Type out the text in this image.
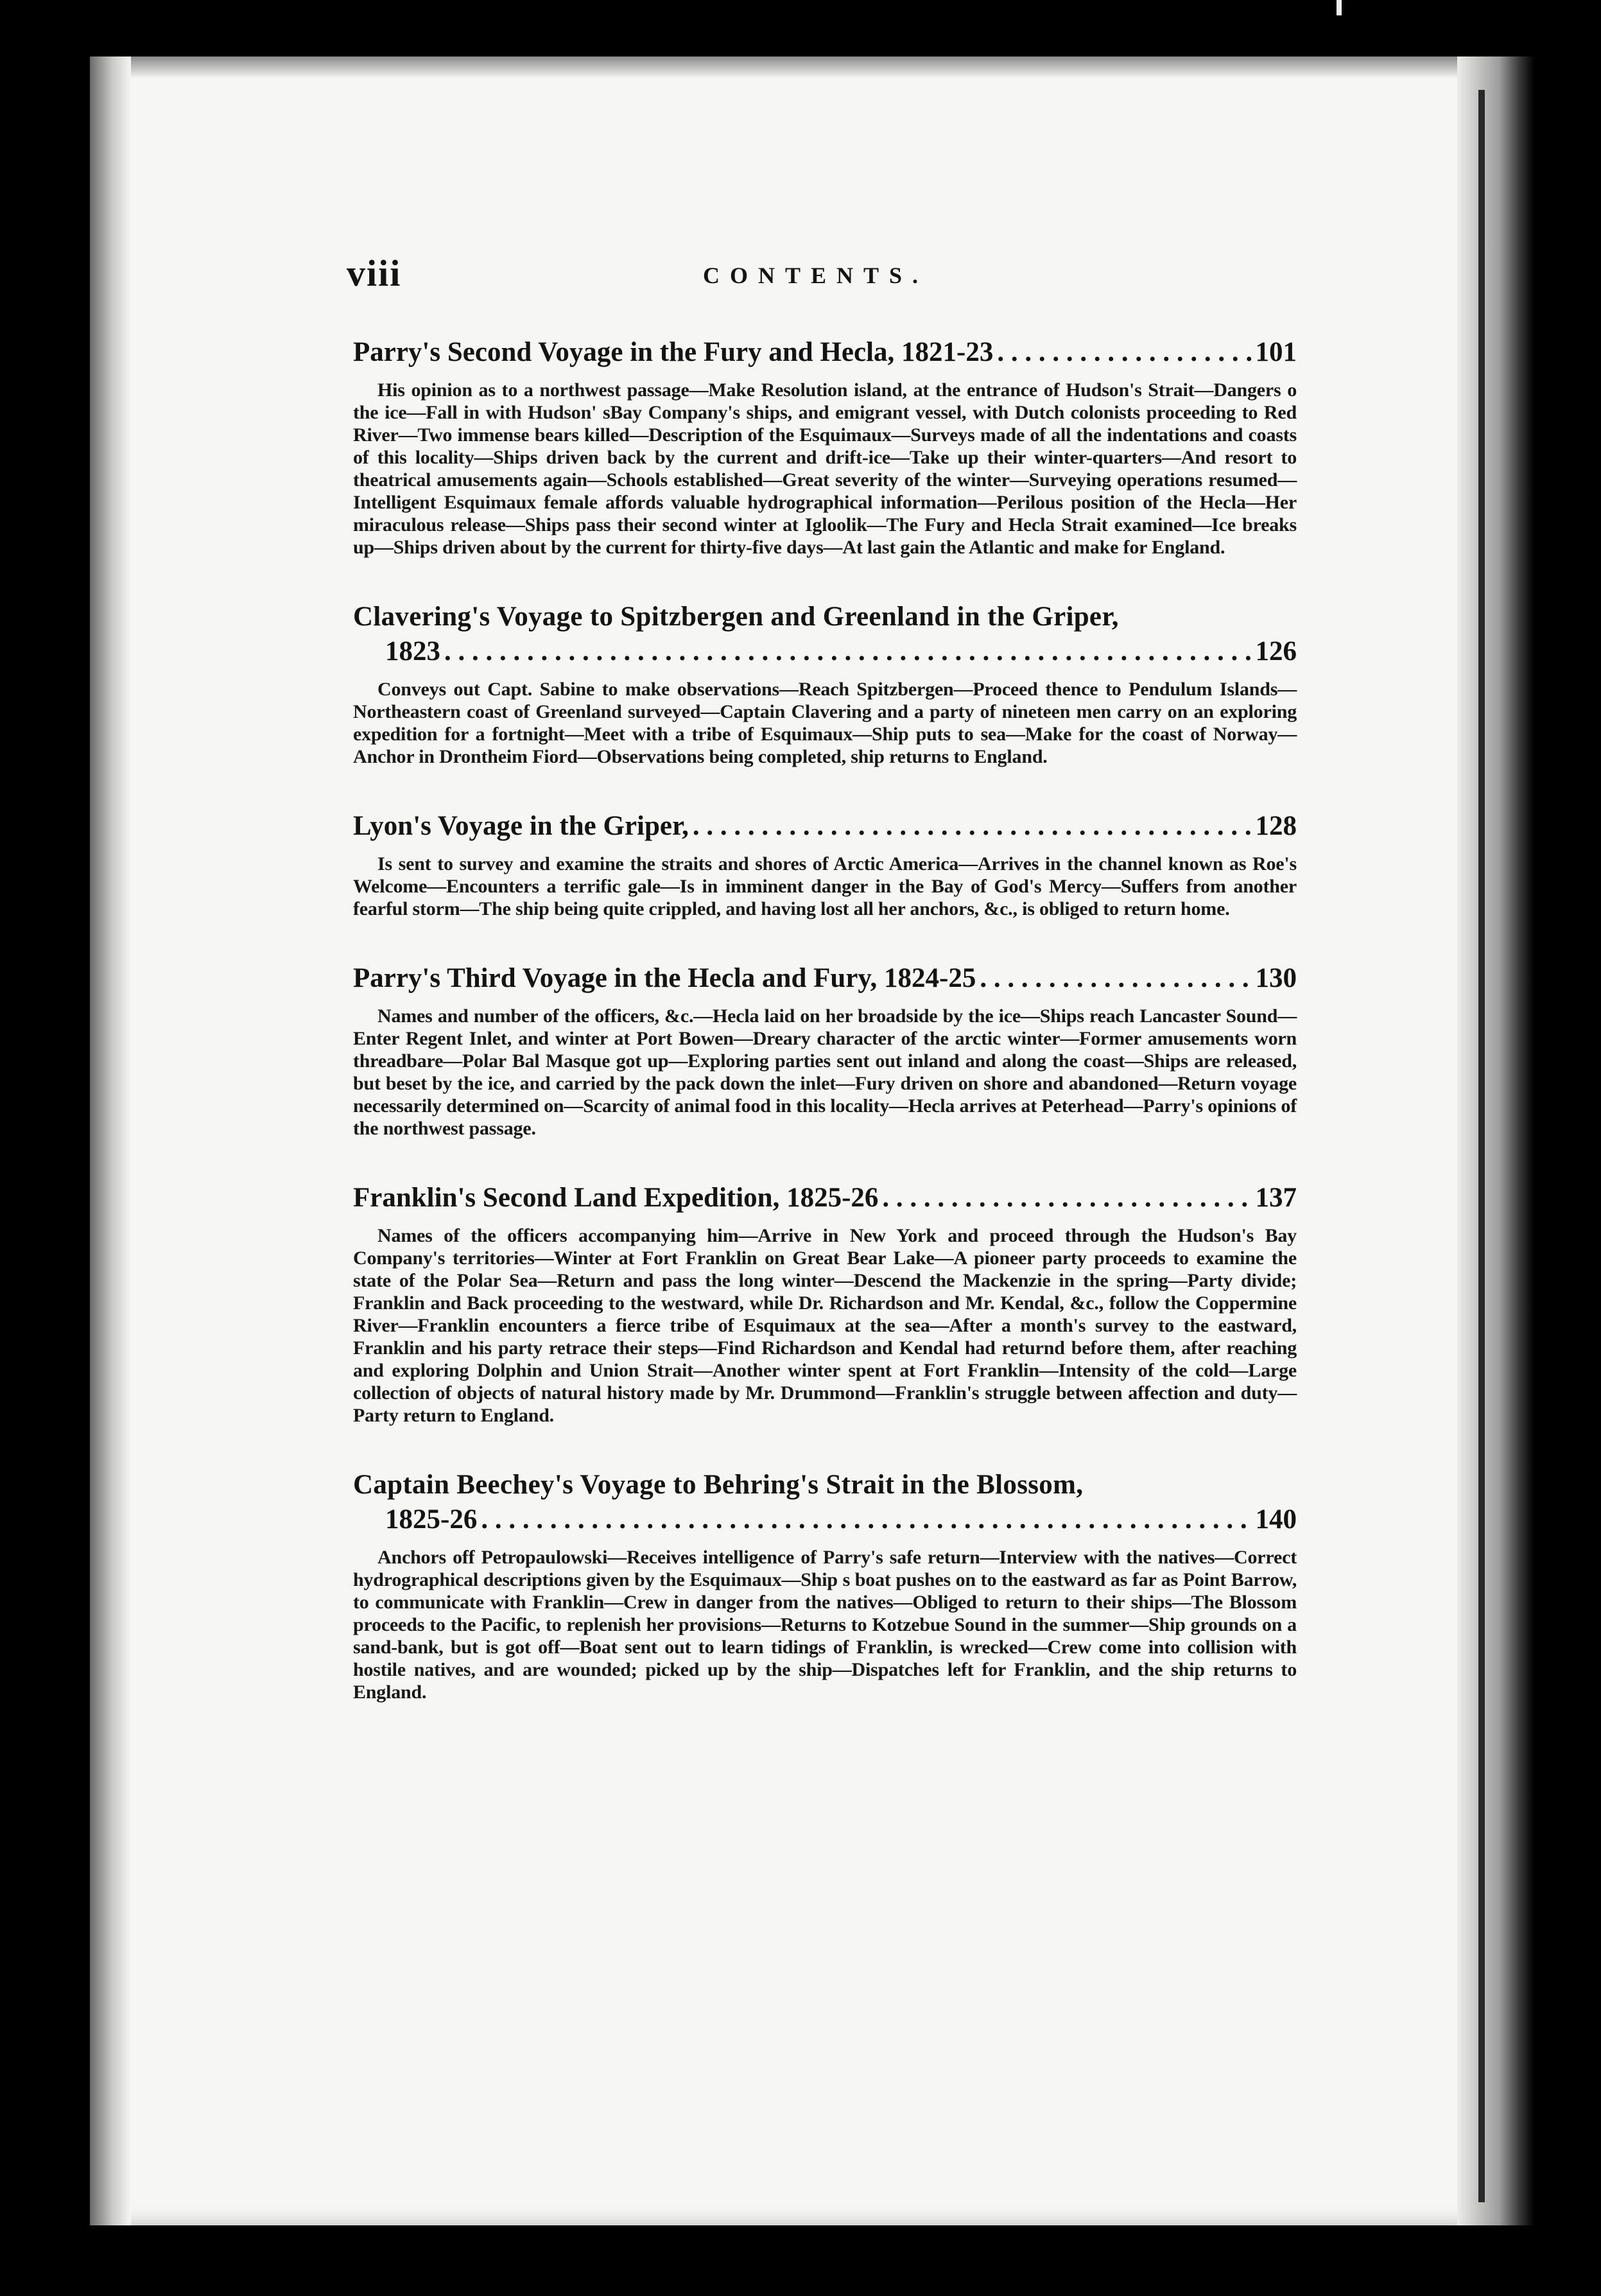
viii	CONTENTS.
Parry's Second Voyage in the Fury and Hecla, 1821-23 . . .	101
His opinion as to a northwest passage—Make Resolution island, at the entrance of Hudson's Strait—Dangers o the ice—Fall in with Hudson' sBay Company's ships, and emigrant vessel, with Dutch colonists proceeding to Red River—Two immense bears killed—Description of the Esquimaux—Surveys made of all the indentations and coasts of this locality—Ships driven back by the current and drift-ice—Take up their winter-quarters—And resort to theatrical amusements again—Schools established—Great severity of the winter—Surveying operations resumed—Intelligent Esquimaux female affords valuable hydrographical information—Perilous position of the Hecla—Her miraculous release—Ships pass their second winter at Igloolik—The Fury and Hecla Strait examined—Ice breaks up—Ships driven about by the current for thirty-five days—At last gain the Atlantic and make for England.
Clavering's Voyage to Spitzbergen and Greenland in the Griper,
1823 . . .	126
Conveys out Capt. Sabine to make observations—Reach Spitzbergen—Proceed thence to Pendulum Islands—Northeastern coast of Greenland surveyed—Captain Clavering and a party of nineteen men carry on an exploring expedition for a fortnight—Meet with a tribe of Esquimaux—Ship puts to sea—Make for the coast of Norway—Anchor in Drontheim Fiord—Observations being completed, ship returns to England.
Lyon's Voyage in the Griper, . . .	128
Is sent to survey and examine the straits and shores of Arctic America—Arrives in the channel known as Roe's Welcome—Encounters a terrific gale—Is in imminent danger in the Bay of God's Mercy—Suffers from another fearful storm—The ship being quite crippled, and having lost all her anchors, &c., is obliged to return home.
Parry's Third Voyage in the Hecla and Fury, 1824-25 . . .	130
Names and number of the officers, &c.—Hecla laid on her broadside by the ice—Ships reach Lancaster Sound—Enter Regent Inlet, and winter at Port Bowen—Dreary character of the arctic winter—Former amusements worn threadbare—Polar Bal Masque got up—Exploring parties sent out inland and along the coast—Ships are released, but beset by the ice, and carried by the pack down the inlet—Fury driven on shore and abandoned—Return voyage necessarily determined on—Scarcity of animal food in this locality—Hecla arrives at Peterhead—Parry's opinions of the northwest passage.
Franklin's Second Land Expedition, 1825-26 . . .	137
Names of the officers accompanying him—Arrive in New York and proceed through the Hudson's Bay Company's territories—Winter at Fort Franklin on Great Bear Lake—A pioneer party proceeds to examine the state of the Polar Sea—Return and pass the long winter—Descend the Mackenzie in the spring—Party divide; Franklin and Back proceeding to the westward, while Dr. Richardson and Mr. Kendal, &c., follow the Coppermine River—Franklin encounters a fierce tribe of Esquimaux at the sea—After a month's survey to the eastward, Franklin and his party retrace their steps—Find Richardson and Kendal had returnd before them, after reaching and exploring Dolphin and Union Strait—Another winter spent at Fort Franklin—Intensity of the cold—Large collection of objects of natural history made by Mr. Drummond—Franklin's struggle between affection and duty—Party return to England.
Captain Beechey's Voyage to Behring's Strait in the Blossom,
1825-26 . . .	140
Anchors off Petropaulowski—Receives intelligence of Parry's safe return—Interview with the natives—Correct hydrographical descriptions given by the Esquimaux—Ship s boat pushes on to the eastward as far as Point Barrow, to communicate with Franklin—Crew in danger from the natives—Obliged to return to their ships—The Blossom proceeds to the Pacific, to replenish her provisions—Returns to Kotzebue Sound in the summer—Ship grounds on a sand-bank, but is got off—Boat sent out to learn tidings of Franklin, is wrecked—Crew come into collision with hostile natives, and are wounded; picked up by the ship—Dispatches left for Franklin, and the ship returns to England.
